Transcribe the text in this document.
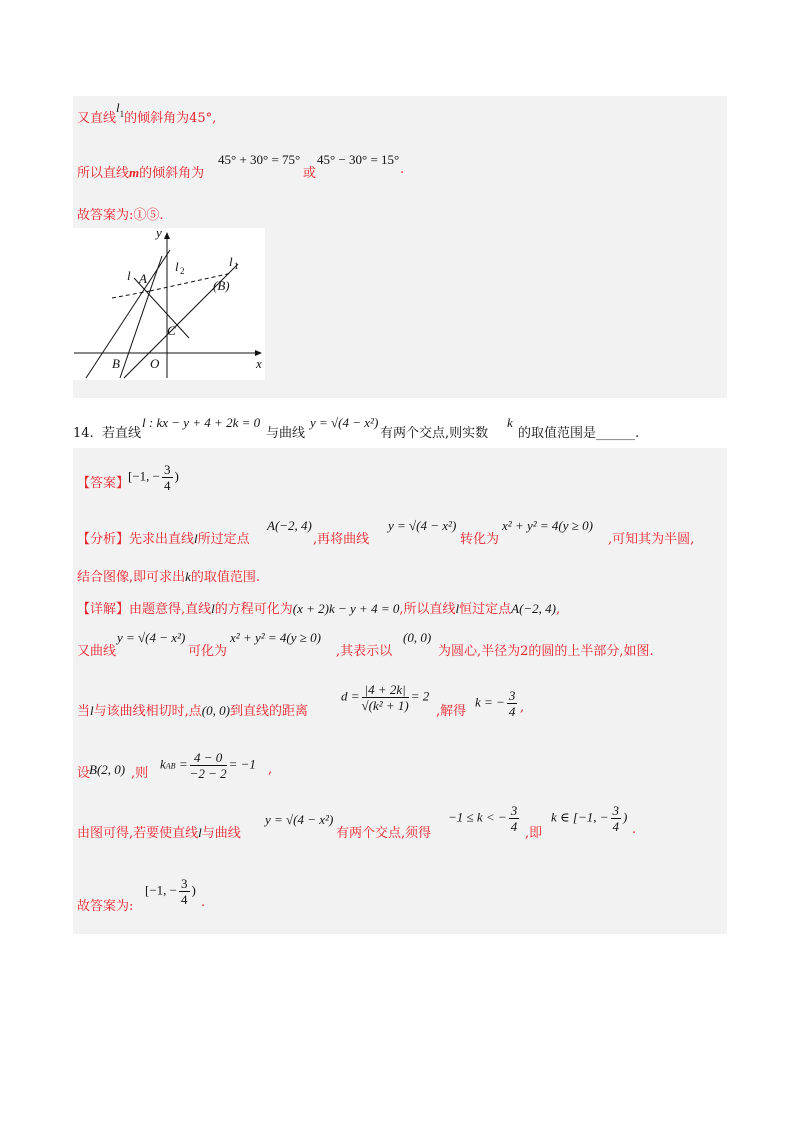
又直线$l^1$的倾斜角为45°,
所以直线m的倾斜角为
45° + 30° = 75°
或
45° − 30° = 15°
.
故答案为:①⑤.
y
x
l A
l 2
l 1
(B)
C
B O
14. 若直线
l : kx − y + 4 + 2k = 0
与曲线
y = √(4 − x²)
有两个交点,则实数
k
的取值范围是______.
【答案】
[−1, − $\frac{3}{4}$ )
【分析】先求出直线l所过定点
A(−2, 4)
,再将曲线
y = √(4 − x²)
转化为
x² + y² = 4(y ≥ 0)
,可知其为半圆,
结合图像,即可求出k的取值范围.
【详解】由题意得,直线l的方程可化为(x + 2)k − y + 4 = 0,所以直线l恒过定点A(−2, 4),
又曲线
y = √(4 − x²)
可化为
x² + y² = 4(y ≥ 0)
,其表示以
(0, 0)
为圆心,半径为2的圆的上半部分,如图.
当l与该曲线相切时,点(0, 0)到直线的距离
$d = \frac{|4 + 2k|}{\text{√(k² + 1)}} = 2$
,解得
k = − $\frac{3}{4}$ ,
设
B(2, 0) ,则
kAB = $\frac{4 - 0}{-2 - 2} = -1$ ,
由图可得,若要使直线l与曲线
y = √(4 − x²)
有两个交点,须得
−1 ≤ k < − $\frac{3}{4}$ ,即
k ∈ [−1, − $\frac{3}{4}$ )
.
故答案为:
[−1, − $\frac{3}{4}$ )
.
